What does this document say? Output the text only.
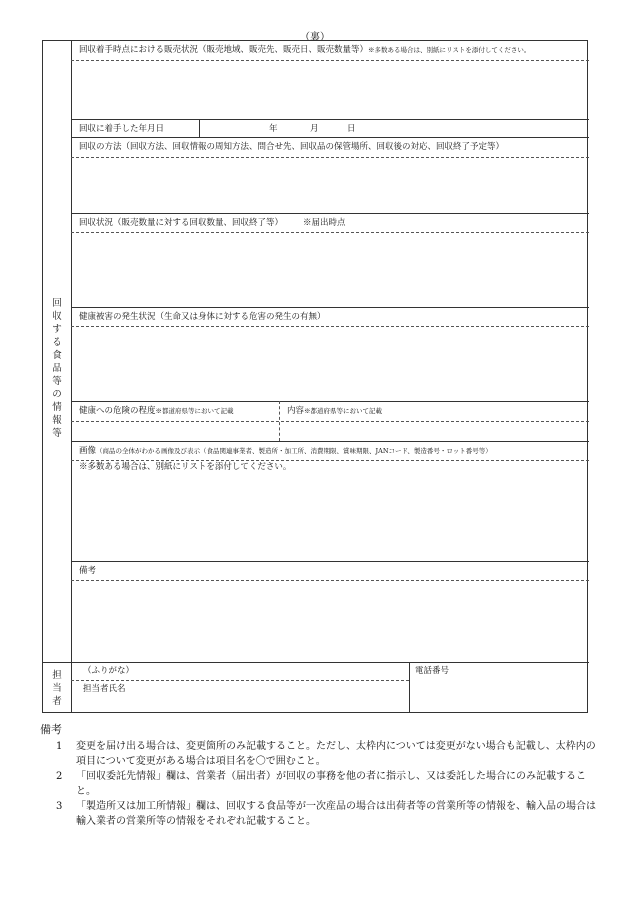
（裏）
回収する食品等の情報等
回収着手時点における販売状況（販売地域、販売先、販売日、販売数量等）※多数ある場合は、別紙にリストを添付してください。
回収に着手した年月日	年	月	日
回収の方法（回収方法、回収情報の周知方法、問合せ先、回収品の保管場所、回収後の対応、回収終了予定等）
回収状況（販売数量に対する回収数量、回収終了等） ※届出時点
健康被害の発生状況（生命又は身体に対する危害の発生の有無）
健康への危険の程度※都道府県等において記載	内容※都道府県等において記載
画像（商品の全体がわかる画像及び表示（食品関連事業者、製造所・加工所、消費期限、賞味期限、JANコード、製造番号・ロット番号等）
※多数ある場合は、別紙にリストを添付してください。
備考
担当者
（ふりがな）
担当者氏名
電話番号
備考
1 変更を届け出る場合は、変更箇所のみ記載すること。ただし、太枠内については変更がない場合も記載し、太枠内の項目について変更がある場合は項目名を〇で囲むこと。
2 「回収委託先情報」欄は、営業者（届出者）が回収の事務を他の者に指示し、又は委託した場合にのみ記載すること。
3 「製造所又は加工所情報」欄は、回収する食品等が一次産品の場合は出荷者等の営業所等の情報を、輸入品の場合は輸入業者の営業所等の情報をそれぞれ記載すること。
